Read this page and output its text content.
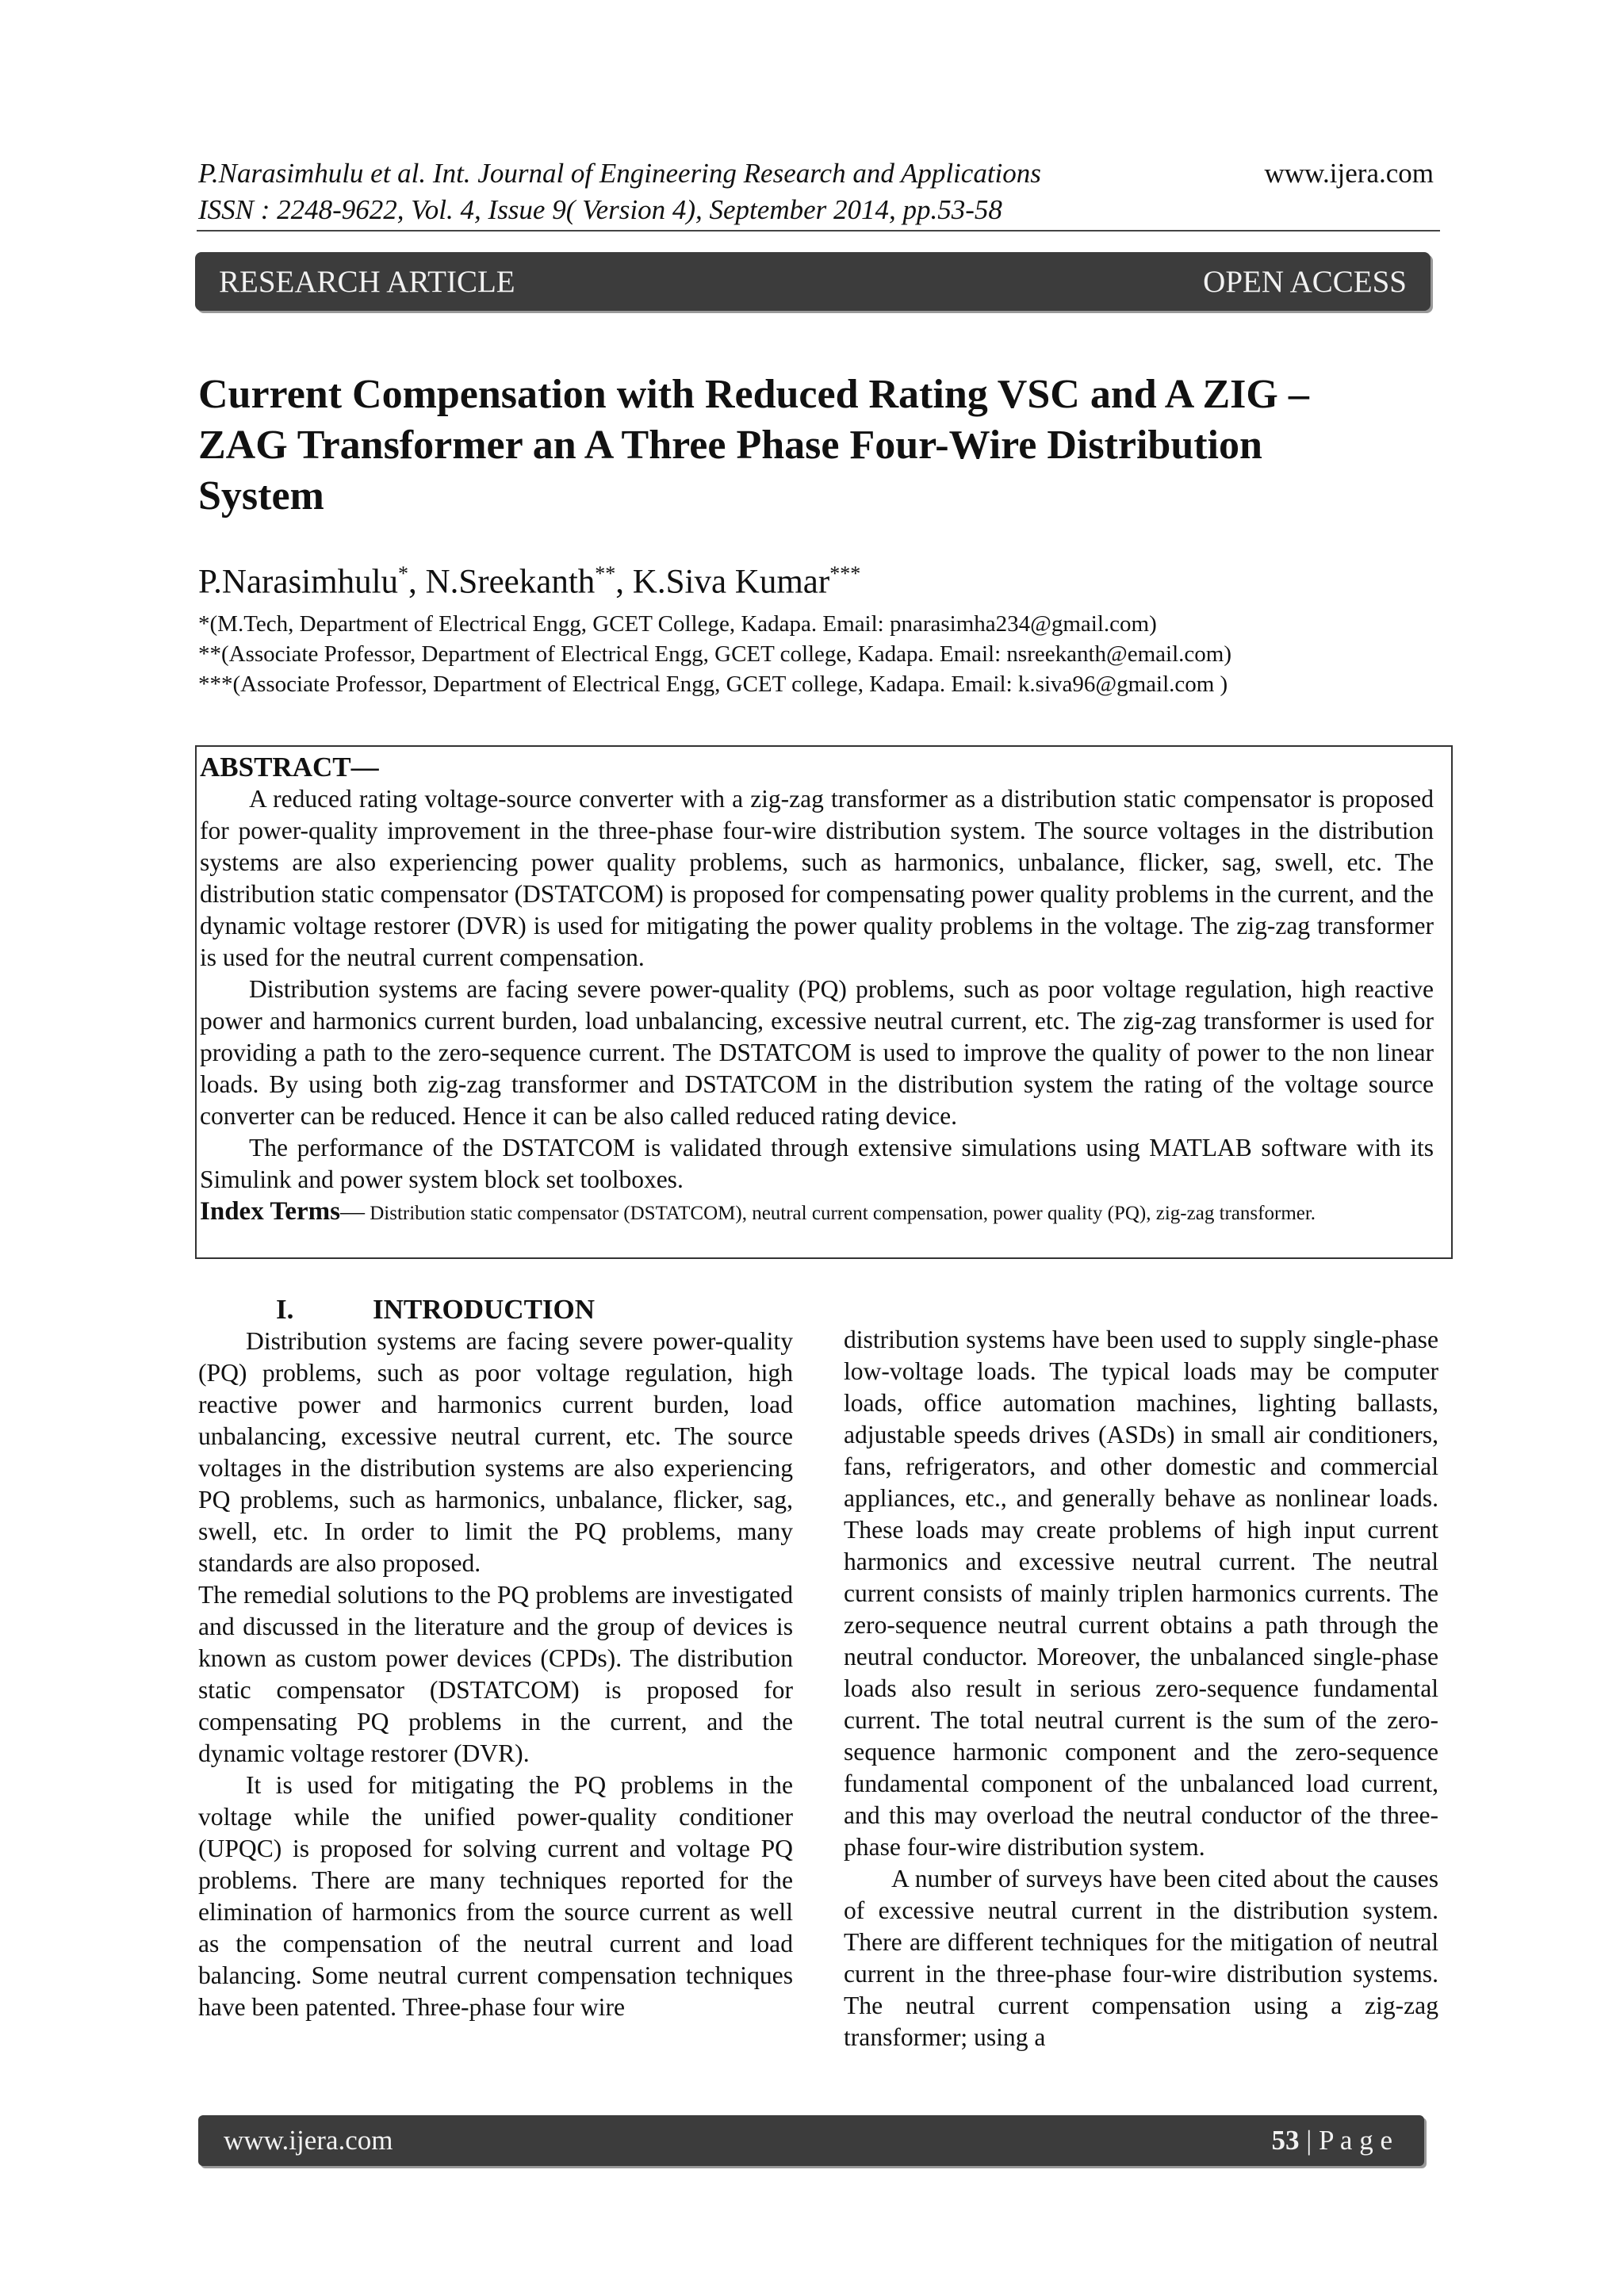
P.Narasimhulu et al. Int. Journal of Engineering Research and Applications
ISSN : 2248-9622, Vol. 4, Issue 9( Version 4), September 2014, pp.53-58
www.ijera.com
RESEARCH ARTICLE	OPEN ACCESS
Current Compensation with Reduced Rating VSC and A ZIG –
ZAG Transformer an A Three Phase Four-Wire Distribution
System
P.Narasimhulu*, N.Sreekanth**, K.Siva Kumar***
*(M.Tech, Department of Electrical Engg, GCET College, Kadapa. Email: pnarasimha234@gmail.com)
**(Associate Professor, Department of Electrical Engg, GCET college, Kadapa. Email: nsreekanth@email.com)
***(Associate Professor, Department of Electrical Engg, GCET college, Kadapa. Email: k.siva96@gmail.com )
ABSTRACT—

A reduced rating voltage-source converter with a zig-zag transformer as a distribution static compensator is proposed for power-quality improvement in the three-phase four-wire distribution system. The source voltages in the distribution systems are also experiencing power quality problems, such as harmonics, unbalance, flicker, sag, swell, etc. The distribution static compensator (DSTATCOM) is proposed for compensating power quality problems in the current, and the dynamic voltage restorer (DVR) is used for mitigating the power quality problems in the voltage. The zig-zag transformer is used for the neutral current compensation.

Distribution systems are facing severe power-quality (PQ) problems, such as poor voltage regulation, high reactive power and harmonics current burden, load unbalancing, excessive neutral current, etc. The zig-zag transformer is used for providing a path to the zero-sequence current. The DSTATCOM is used to improve the quality of power to the non linear loads. By using both zig-zag transformer and DSTATCOM in the distribution system the rating of the voltage source converter can be reduced. Hence it can be also called reduced rating device.

The performance of the DSTATCOM is validated through extensive simulations using MATLAB software with its Simulink and power system block set toolboxes.

Index Terms— Distribution static compensator (DSTATCOM), neutral current compensation, power quality (PQ), zig-zag transformer.

I.	INTRODUCTION

Distribution systems are facing severe power-quality (PQ) problems, such as poor voltage regulation, high reactive power and harmonics current burden, load unbalancing, excessive neutral current, etc. The source voltages in the distribution systems are also experiencing PQ problems, such as harmonics, unbalance, flicker, sag, swell, etc. In order to limit the PQ problems, many standards are also proposed.

The remedial solutions to the PQ problems are investigated and discussed in the literature and the group of devices is known as custom power devices (CPDs). The distribution static compensator (DSTATCOM) is proposed for compensating PQ problems in the current, and the dynamic voltage restorer (DVR).

It is used for mitigating the PQ problems in the voltage while the unified power-quality conditioner (UPQC) is proposed for solving current and voltage PQ problems. There are many techniques reported for the elimination of harmonics from the source current as well as the compensation of the neutral current and load balancing. Some neutral current compensation techniques have been patented. Three-phase four wire

distribution systems have been used to supply single-phase low-voltage loads. The typical loads may be computer loads, office automation machines, lighting ballasts, adjustable speeds drives (ASDs) in small air conditioners, fans, refrigerators, and other domestic and commercial appliances, etc., and generally behave as nonlinear loads. These loads may create problems of high input current harmonics and excessive neutral current. The neutral current consists of mainly triplen harmonics currents. The zero-sequence neutral current obtains a path through the neutral conductor. Moreover, the unbalanced single-phase loads also result in serious zero-sequence fundamental current. The total neutral current is the sum of the zero-sequence harmonic component and the zero-sequence fundamental component of the unbalanced load current, and this may overload the neutral conductor of the three-phase four-wire distribution system.

A number of surveys have been cited about the causes of excessive neutral current in the distribution system. There are different techniques for the mitigation of neutral current in the three-phase four-wire distribution systems. The neutral current compensation using a zig-zag transformer; using a

www.ijera.com	53 | P a g e
